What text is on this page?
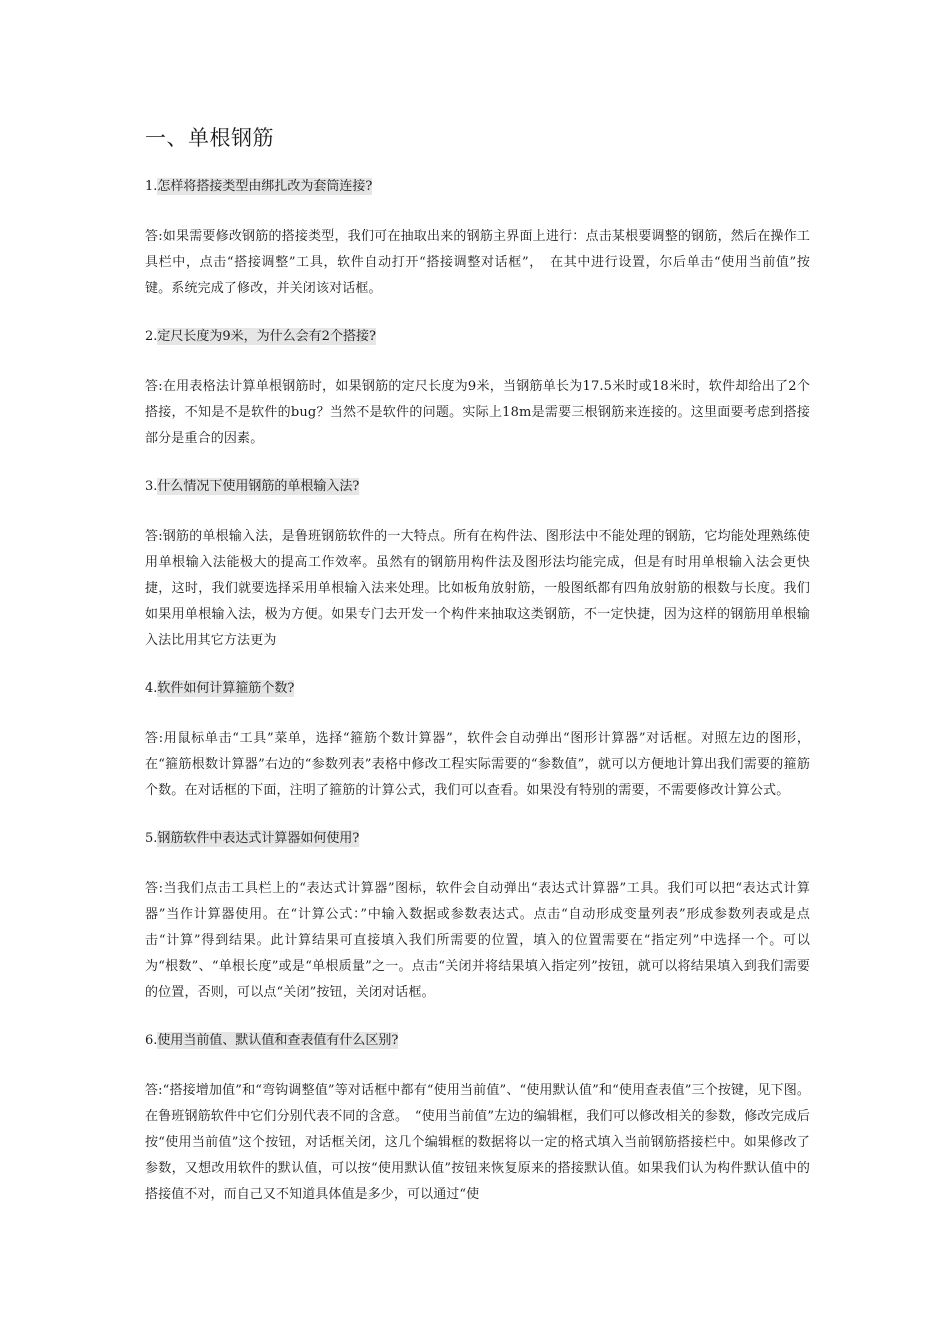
一、单根钢筋

1.怎样将搭接类型由绑扎改为套筒连接?

答:如果需要修改钢筋的搭接类型，我们可在抽取出来的钢筋主界面上进行：点击某根要调整的钢筋，然后在操作工具栏中，点击“搭接调整”工具，软件自动打开“搭接调整对话框”，　在其中进行设置，尔后单击“使用当前值”按键。系统完成了修改，并关闭该对话框。

2.定尺长度为9米，为什么会有2个搭接?

答:在用表格法计算单根钢筋时，如果钢筋的定尺长度为9米，当钢筋单长为17.5米时或18米时，软件却给出了2个搭接，不知是不是软件的bug？当然不是软件的问题。实际上18m是需要三根钢筋来连接的。这里面要考虑到搭接部分是重合的因素。

3.什么情况下使用钢筋的单根输入法?

答:钢筋的单根输入法，是鲁班钢筋软件的一大特点。所有在构件法、图形法中不能处理的钢筋，它均能处理熟练使用单根输入法能极大的提高工作效率。虽然有的钢筋用构件法及图形法均能完成，但是有时用单根输入法会更快捷，这时，我们就要选择采用单根输入法来处理。比如板角放射筋，一般图纸都有四角放射筋的根数与长度。我们如果用单根输入法，极为方便。如果专门去开发一个构件来抽取这类钢筋，不一定快捷，因为这样的钢筋用单根输入法比用其它方法更为

4.软件如何计算箍筋个数?

答:用鼠标单击“工具”菜单，选择“箍筋个数计算器”，软件会自动弹出“图形计算器”对话框。对照左边的图形，在“箍筋根数计算器”右边的“参数列表”表格中修改工程实际需要的“参数值”，就可以方便地计算出我们需要的箍筋个数。在对话框的下面，注明了箍筋的计算公式，我们可以查看。如果没有特别的需要，不需要修改计算公式。

5.钢筋软件中表达式计算器如何使用?

答:当我们点击工具栏上的“表达式计算器”图标，软件会自动弹出“表达式计算器”工具。我们可以把“表达式计算器”当作计算器使用。在“计算公式：”中输入数据或参数表达式。点击“自动形成变量列表”形成参数列表或是点击“计算”得到结果。此计算结果可直接填入我们所需要的位置，填入的位置需要在“指定列”中选择一个。可以为“根数”、“单根长度”或是“单根质量”之一。点击“关闭并将结果填入指定列”按钮，就可以将结果填入到我们需要的位置，否则，可以点“关闭”按钮，关闭对话框。

6.使用当前值、默认值和查表值有什么区别?

答:“搭接增加值”和“弯钩调整值”等对话框中都有“使用当前值”、“使用默认值”和“使用查表值”三个按键，见下图。在鲁班钢筋软件中它们分别代表不同的含意。　“使用当前值”左边的编辑框，我们可以修改相关的参数，修改完成后按“使用当前值”这个按钮，对话框关闭，这几个编辑框的数据将以一定的格式填入当前钢筋搭接栏中。如果修改了参数，又想改用软件的默认值，可以按“使用默认值”按钮来恢复原来的搭接默认值。如果我们认为构件默认值中的搭接值不对，而自己又不知道具体值是多少，可以通过“使
